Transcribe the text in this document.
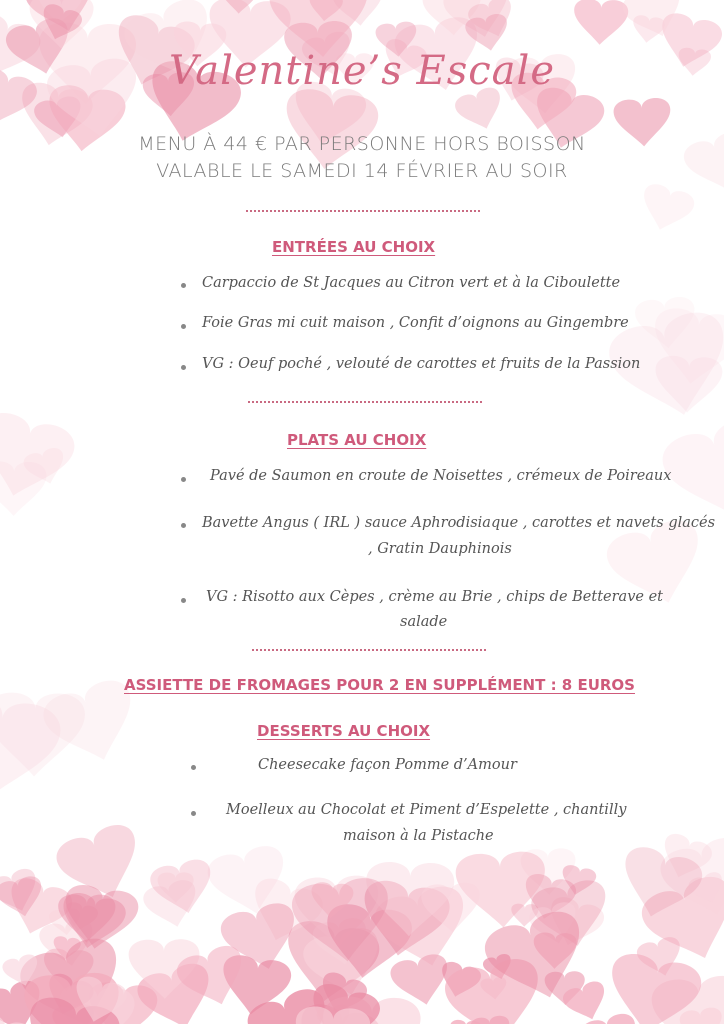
Valentine’s Escale
MENU À 44 € PAR PERSONNE HORS BOISSON
VALABLE LE SAMEDI 14 FÉVRIER AU SOIR
ENTRÉES AU CHOIX
Carpaccio de St Jacques au Citron vert et à la Ciboulette
Foie Gras mi cuit maison , Confit d’oignons au Gingembre
VG : Oeuf poché , velouté de carottes et fruits de la Passion
PLATS AU CHOIX
Pavé de Saumon en croute de Noisettes , crémeux de Poireaux
Bavette Angus ( IRL ) sauce Aphrodisiaque , carottes et navets glacés
, Gratin Dauphinois
VG : Risotto aux Cèpes , crème au Brie , chips de Betterave et
salade
ASSIETTE DE FROMAGES POUR 2 EN SUPPLÉMENT : 8 EUROS
DESSERTS AU CHOIX
Cheesecake façon Pomme d’Amour
Moelleux au Chocolat et Piment d’Espelette , chantilly
maison à la Pistache
